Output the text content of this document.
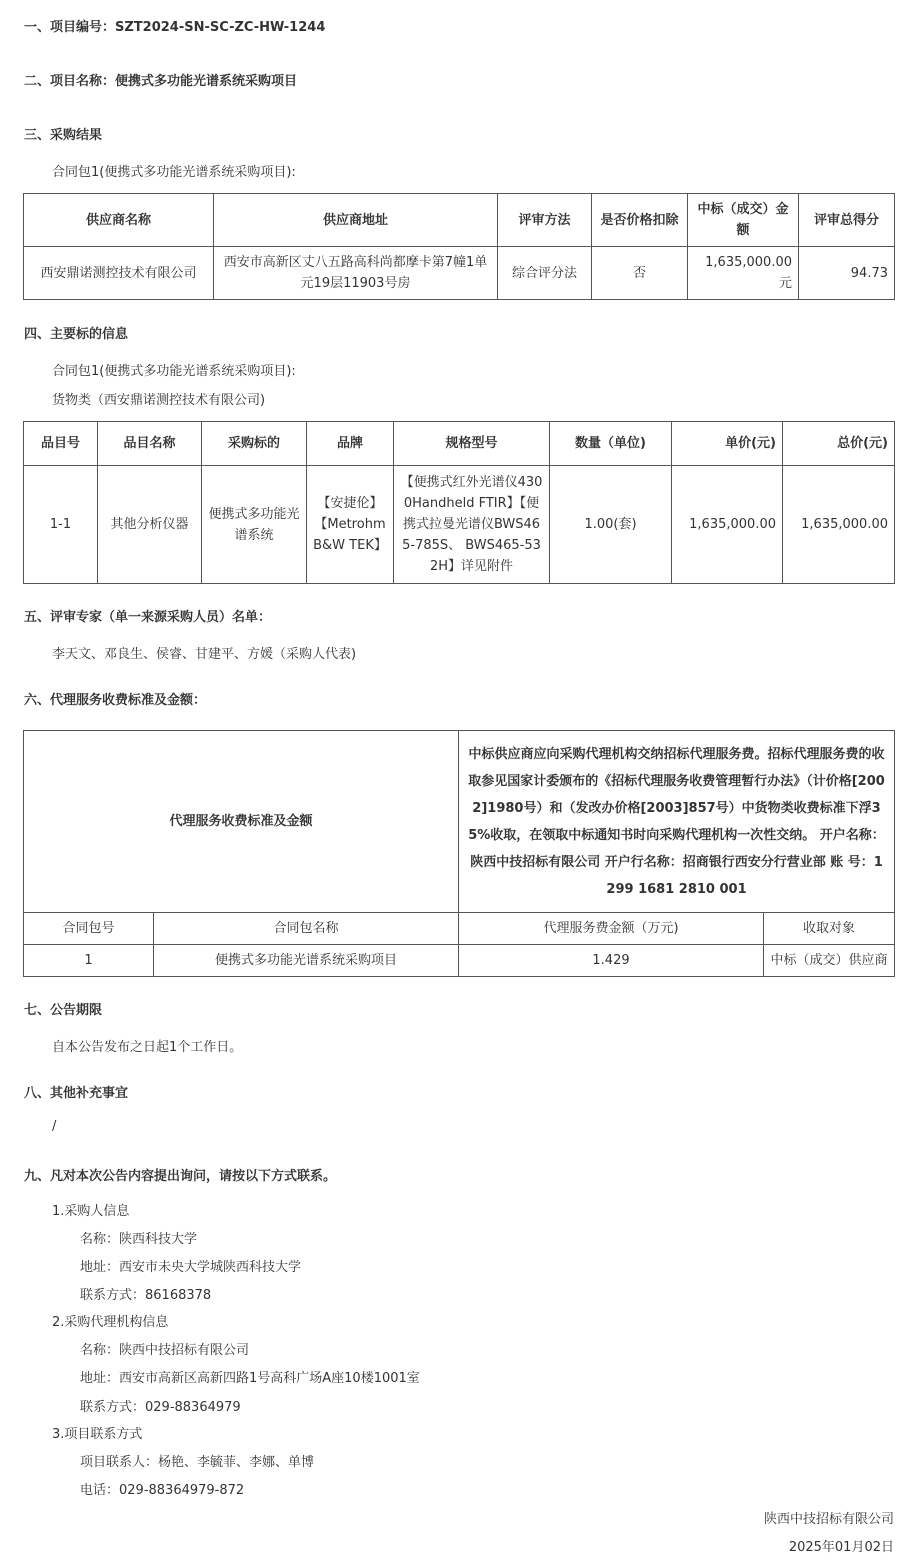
一、项目编号：SZT2024-SN-SC-ZC-HW-1244
二、项目名称：便携式多功能光谱系统采购项目
三、采购结果
合同包1(便携式多功能光谱系统采购项目):
供应商名称	供应商地址	评审方法	是否价格扣除	中标（成交）金额	评审总得分
西安鼎诺测控技术有限公司	西安市高新区丈八五路高科尚都摩卡第7幢1单元19层11903号房	综合评分法	否	1,635,000.00元	94.73
四、主要标的信息
合同包1(便携式多功能光谱系统采购项目):
货物类（西安鼎诺测控技术有限公司)
品目号	品目名称	采购标的	品牌	规格型号	数量（单位)	单价(元)	总价(元)
1-1	其他分析仪器	便携式多功能光谱系统	【安捷伦】【Metrohm B&W TEK】	【便携式红外光谱仪4300Handheld FTIR】【便携式拉曼光谱仪BWS465-785S、 BWS465-532H】详见附件	1.00(套)	1,635,000.00	1,635,000.00
五、评审专家（单一来源采购人员）名单：
李天文、邓良生、侯睿、甘建平、方媛（采购人代表)
六、代理服务收费标准及金额：
代理服务收费标准及金额		中标供应商应向采购代理机构交纳招标代理服务费。招标代理服务费的收取参见国家计委颁布的《招标代理服务收费管理暂行办法》（计价格[2002]1980号）和（发改办价格[2003]857号）中货物类收费标准下浮35%收取，在领取中标通知书时向采购代理机构一次性交纳。 开户名称：陕西中技招标有限公司 开户行名称：招商银行西安分行营业部 账 号：1299 1681 2810 001	
合同包号	合同包名称	代理服务费金额（万元)	收取对象
1	便携式多功能光谱系统采购项目	1.429	中标（成交）供应商
七、公告期限
自本公告发布之日起1个工作日。
八、其他补充事宜
/
九、凡对本次公告内容提出询问，请按以下方式联系。
1.采购人信息
名称：陕西科技大学
地址：西安市未央大学城陕西科技大学
联系方式：86168378
2.采购代理机构信息
名称：陕西中技招标有限公司
地址：西安市高新区高新四路1号高科广场A座10楼1001室
联系方式：029-88364979
3.项目联系方式
项目联系人：杨艳、李毓菲、李娜、单博
电话：029-88364979-872
陕西中技招标有限公司
2025年01月02日
